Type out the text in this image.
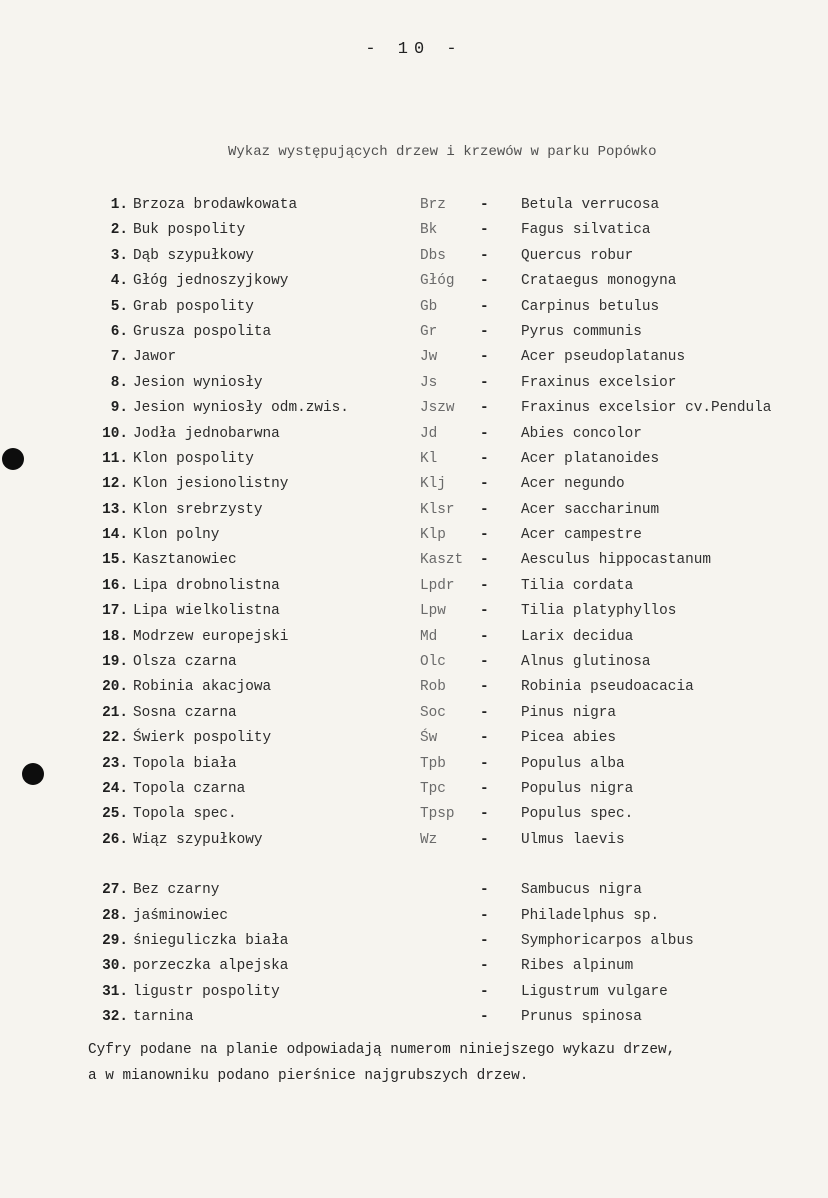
- 10 -
Wykaz występujących drzew i krzewów w parku Popówko
1. Brzoza brodawkowata	Brz - Betula verrucosa
2. Buk pospolity	Bk	- Fagus silvatica
3. Dąb szypułkowy	Dbs - Quercus robur
4. Głóg jednoszyjkowy	Głóg - Crataegus monogyna
5. Grab pospolity	Gb	- Carpinus betulus
6. Grusza pospolita	Gr	- Pyrus communis
7. Jawor	Jw	- Acer pseudoplatanus
8. Jesion wyniosły	Js	- Fraxinus excelsior
9. Jesion wyniosły odm.zwis.	Jszw - Fraxinus excelsior cv.Pendula
10. Jodła jednobarwna	Jd	- Abies concolor
11. Klon pospolity	Kl	- Acer platanoides
12. Klon jesionolistny	Klj - Acer negundo
13. Klon srebrzysty	Klsr - Acer saccharinum
14. Klon polny	Klp - Acer campestre
15. Kasztanowiec	Kaszt - Aesculus hippocastanum
16. Lipa drobnolistna	Lpdr - Tilia cordata
17. Lipa wielkolistna	Lpw - Tilia platyphyllos
18. Modrzew europejski	Md	- Larix decidua
19. Olsza czarna	Olc - Alnus glutinosa
20. Robinia akacjowa	Rob - Robinia pseudoacacia
21. Sosna czarna	Soc - Pinus nigra
22. Świerk pospolity	Św	- Picea abies
23. Topola biała	Tpb - Populus alba
24. Topola czarna	Tpc - Populus nigra
25. Topola spec.	Tpsp - Populus spec.
26. Wiąz szypułkowy	Wz	- Ulmus laevis
27. Bez czarny	- Sambucus nigra
28. jaśminowiec	- Philadelphus sp.
29. śnieguliczka biała	- Symphoricarpos albus
30. porzeczka alpejska	- Ribes alpinum
31. ligustr pospolity	- Ligustrum vulgare
32. tarnina	- Prunus spinosa
Cyfry podane na planie odpowiadają numerom niniejszego wykazu drzew,
a w mianowniku podano pierśnice najgrubszych drzew.
